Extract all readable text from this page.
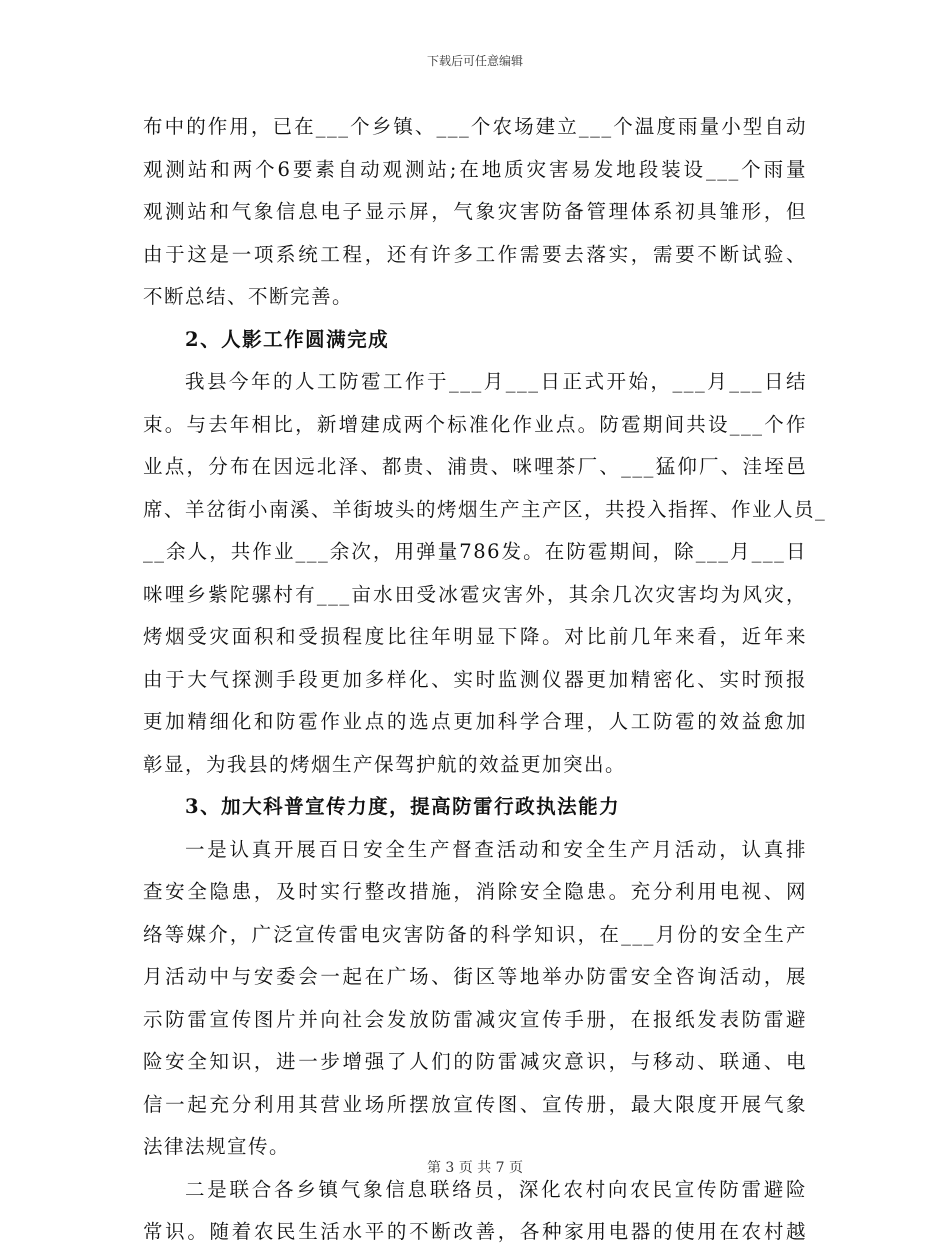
下载后可任意编辑
布中的作用，已在___个乡镇、___个农场建立___个温度雨量小型自动
观测站和两个6要素自动观测站;在地质灾害易发地段装设___个雨量
观测站和气象信息电子显示屏，气象灾害防备管理体系初具雏形，但
由于这是一项系统工程，还有许多工作需要去落实，需要不断试验、
不断总结、不断完善。
2、人影工作圆满完成
我县今年的人工防雹工作于___月___日正式开始，___月___日结
束。与去年相比，新增建成两个标准化作业点。防雹期间共设___个作
业点，分布在因远北泽、都贵、浦贵、咪哩茶厂、___猛仰厂、洼垤邑
席、羊岔街小南溪、羊街坡头的烤烟生产主产区，共投入指挥、作业人员_
__余人，共作业___余次，用弹量786发。在防雹期间，除___月___日
咪哩乡紫陀骡村有___亩水田受冰雹灾害外，其余几次灾害均为风灾，
烤烟受灾面积和受损程度比往年明显下降。对比前几年来看，近年来
由于大气探测手段更加多样化、实时监测仪器更加精密化、实时预报
更加精细化和防雹作业点的选点更加科学合理，人工防雹的效益愈加
彰显，为我县的烤烟生产保驾护航的效益更加突出。
3、加大科普宣传力度，提高防雷行政执法能力
一是认真开展百日安全生产督查活动和安全生产月活动，认真排
查安全隐患，及时实行整改措施，消除安全隐患。充分利用电视、网
络等媒介，广泛宣传雷电灾害防备的科学知识，在___月份的安全生产
月活动中与安委会一起在广场、街区等地举办防雷安全咨询活动，展
示防雷宣传图片并向社会发放防雷减灾宣传手册，在报纸发表防雷避
险安全知识，进一步增强了人们的防雷减灾意识，与移动、联通、电
信一起充分利用其营业场所摆放宣传图、宣传册，最大限度开展气象
法律法规宣传。
二是联合各乡镇气象信息联络员，深化农村向农民宣传防雷避险
常识。随着农民生活水平的不断改善，各种家用电器的使用在农村越
第 3 页 共 7 页
